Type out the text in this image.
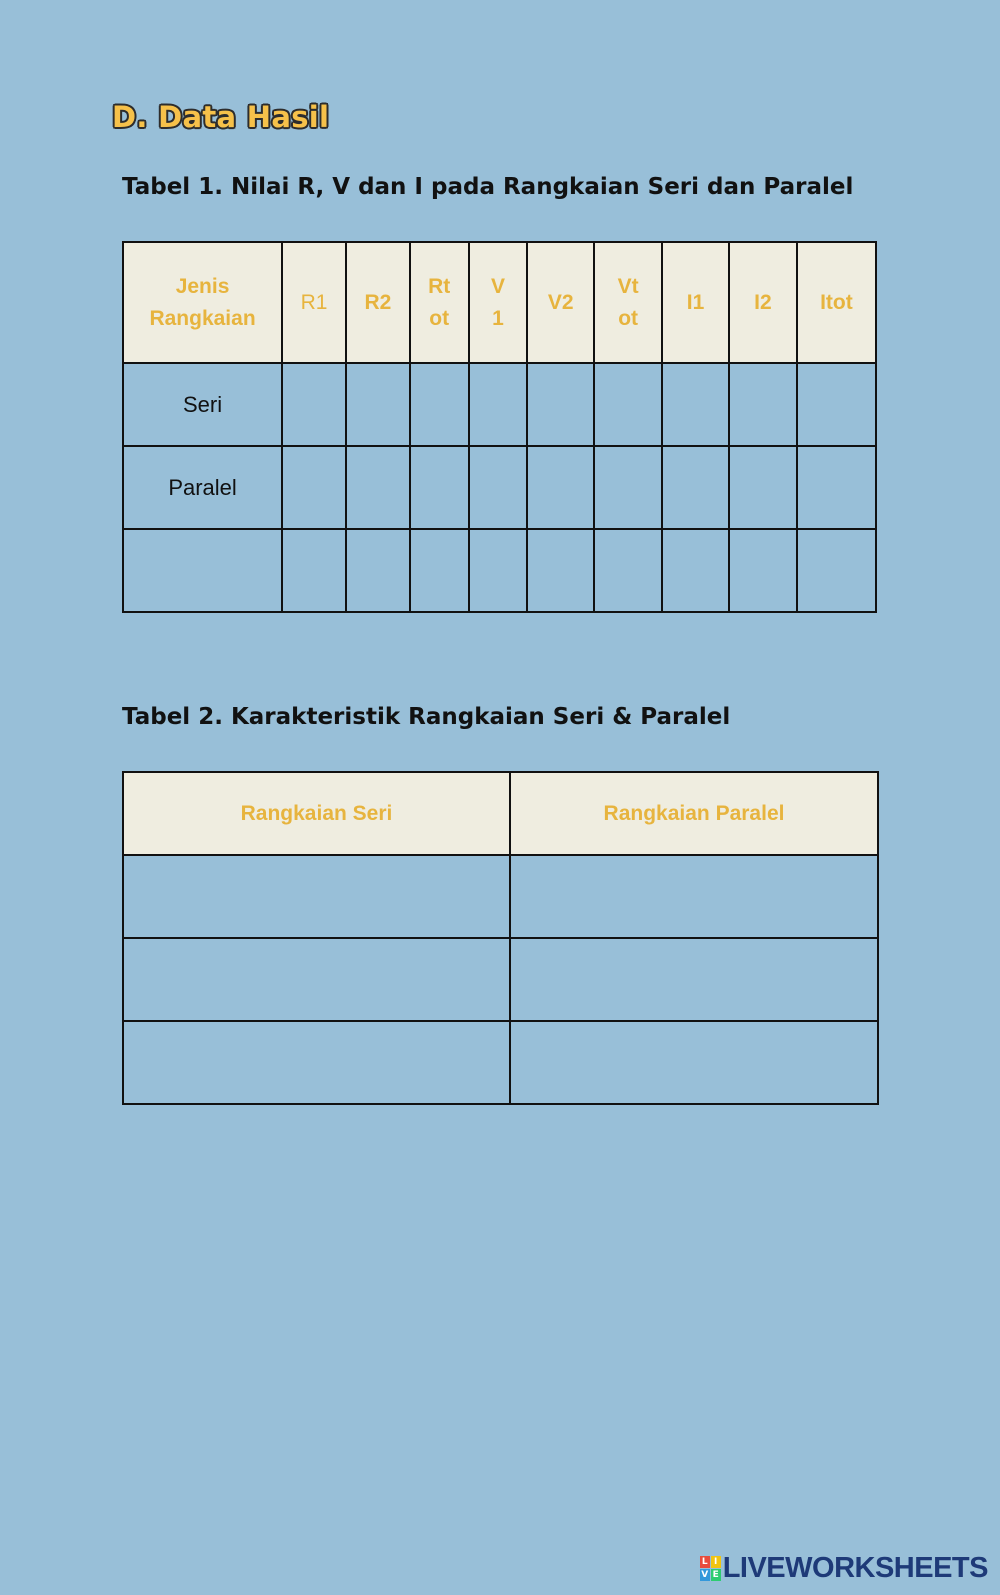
D. Data Hasil
Tabel 1. Nilai R, V dan I pada Rangkaian Seri dan Paralel
Jenis Rangkaian	R1	R2	Rt ot	V 1	V2	Vt ot	I1	I2	Itot
Seri									
Paralel									

Tabel 2. Karakteristik Rangkaian Seri & Paralel
Rangkaian Seri	Rangkaian Paralel

L I
V E LIVEWORKSHEETS
